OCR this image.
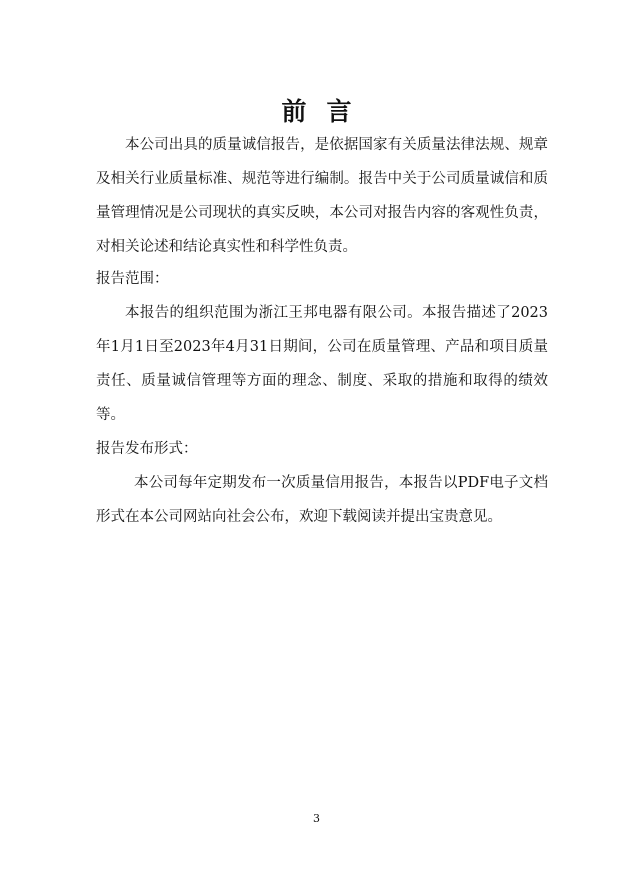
前言

本公司出具的质量诚信报告，是依据国家有关质量法律法规、规章及相关行业质量标准、规范等进行编制。报告中关于公司质量诚信和质量管理情况是公司现状的真实反映，本公司对报告内容的客观性负责，对相关论述和结论真实性和科学性负责。

报告范围：

本报告的组织范围为浙江王邦电器有限公司。本报告描述了2023年1月1日至2023年4月31日期间，公司在质量管理、产品和项目质量责任、质量诚信管理等方面的理念、制度、采取的措施和取得的绩效等。

报告发布形式：

本公司每年定期发布一次质量信用报告，本报告以PDF电子文档形式在本公司网站向社会公布，欢迎下载阅读并提出宝贵意见。

3
